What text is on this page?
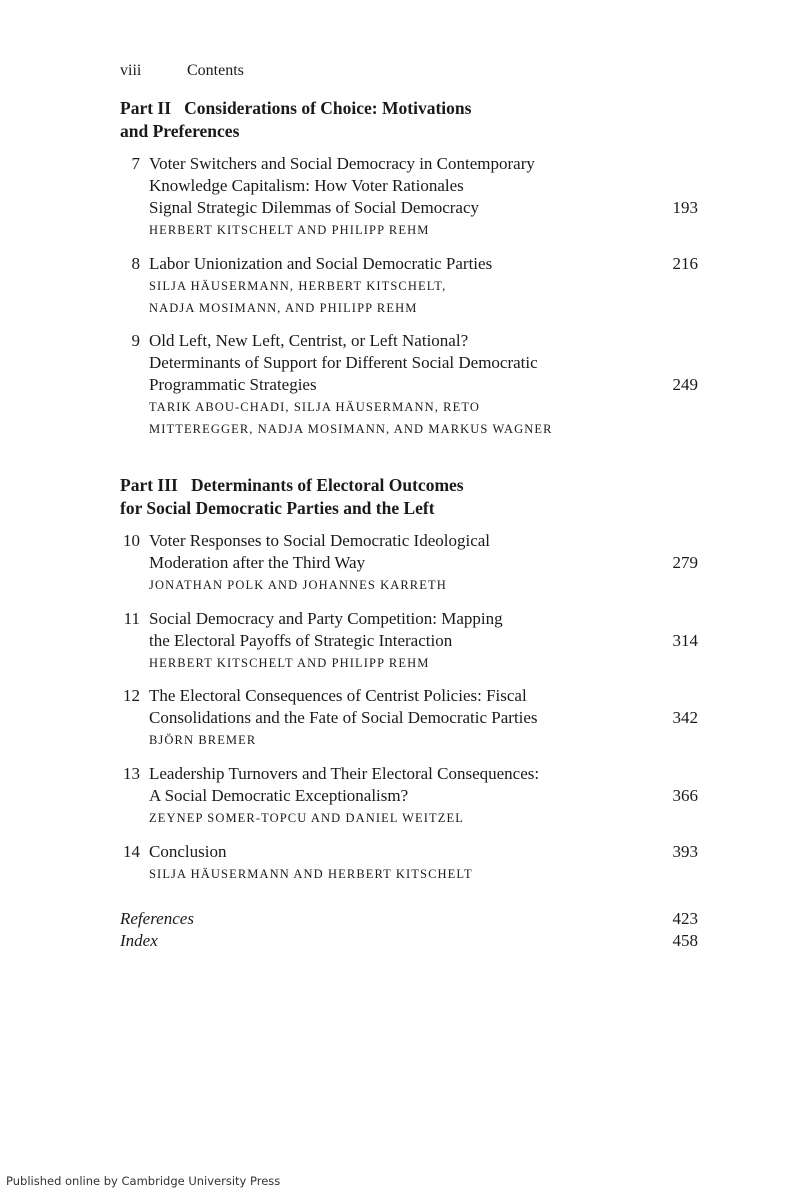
viii	Contents
Part II   Considerations of Choice: Motivations
and Preferences
7 Voter Switchers and Social Democracy in Contemporary
Knowledge Capitalism: How Voter Rationales
Signal Strategic Dilemmas of Social Democracy	193
HERBERT KITSCHELT AND PHILIPP REHM
8 Labor Unionization and Social Democratic Parties	216
SILJA HÄUSERMANN, HERBERT KITSCHELT,
NADJA MOSIMANN, AND PHILIPP REHM
9 Old Left, New Left, Centrist, or Left National?
Determinants of Support for Different Social Democratic
Programmatic Strategies	249
TARIK ABOU-CHADI, SILJA HÄUSERMANN, RETO
MITTEREGGER, NADJA MOSIMANN, AND MARKUS WAGNER
Part III   Determinants of Electoral Outcomes
for Social Democratic Parties and the Left
10 Voter Responses to Social Democratic Ideological
Moderation after the Third Way	279
JONATHAN POLK AND JOHANNES KARRETH
11 Social Democracy and Party Competition: Mapping
the Electoral Payoffs of Strategic Interaction	314
HERBERT KITSCHELT AND PHILIPP REHM
12 The Electoral Consequences of Centrist Policies: Fiscal
Consolidations and the Fate of Social Democratic Parties	342
BJÖRN BREMER
13 Leadership Turnovers and Their Electoral Consequences:
A Social Democratic Exceptionalism?	366
ZEYNEP SOMER-TOPCU AND DANIEL WEITZEL
14 Conclusion	393
SILJA HÄUSERMANN AND HERBERT KITSCHELT
References	423
Index	458
Published online by Cambridge University Press
